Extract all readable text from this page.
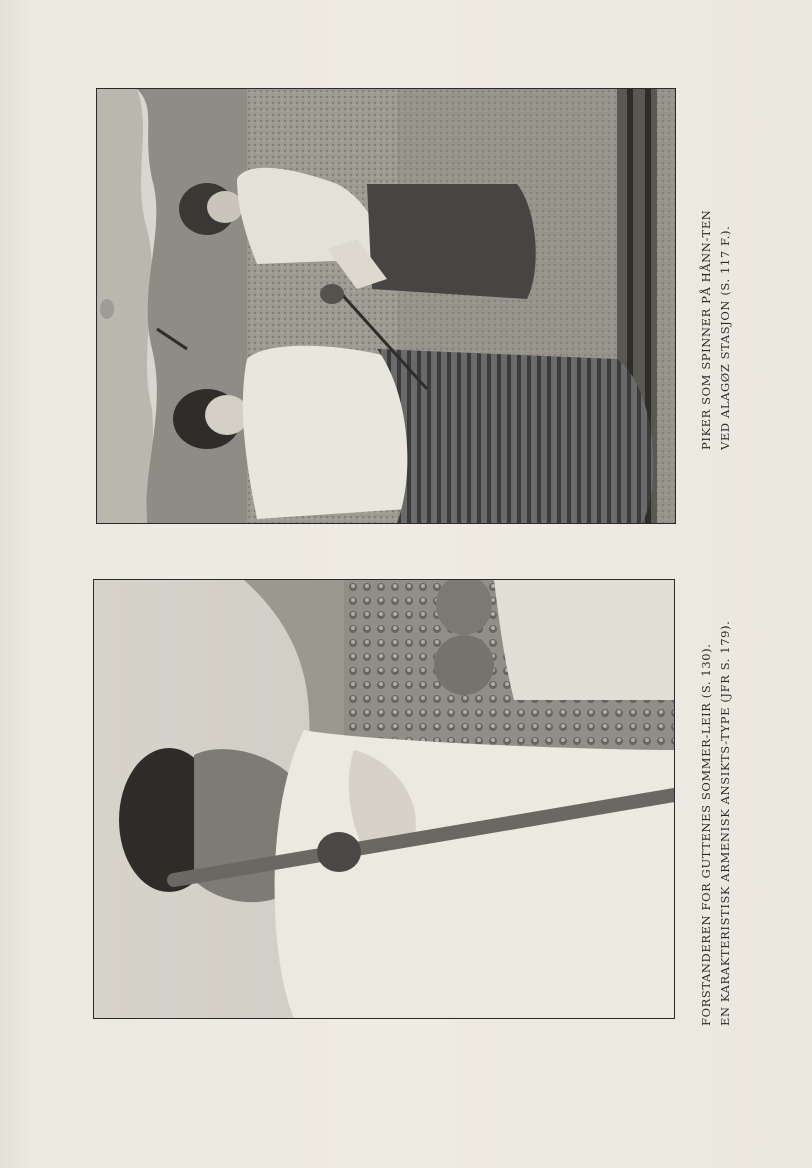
PIKER SOM SPINNER PÅ HÅNN-TEN VED ALAGØZ STASJON (S. 117 F.).
FORSTANDEREN FOR GUTTENES SOMMER-LEIR (S. 130). EN KARAKTERISTISK ARMENISK ANSIKTS-TYPE (JFR S. 179).
